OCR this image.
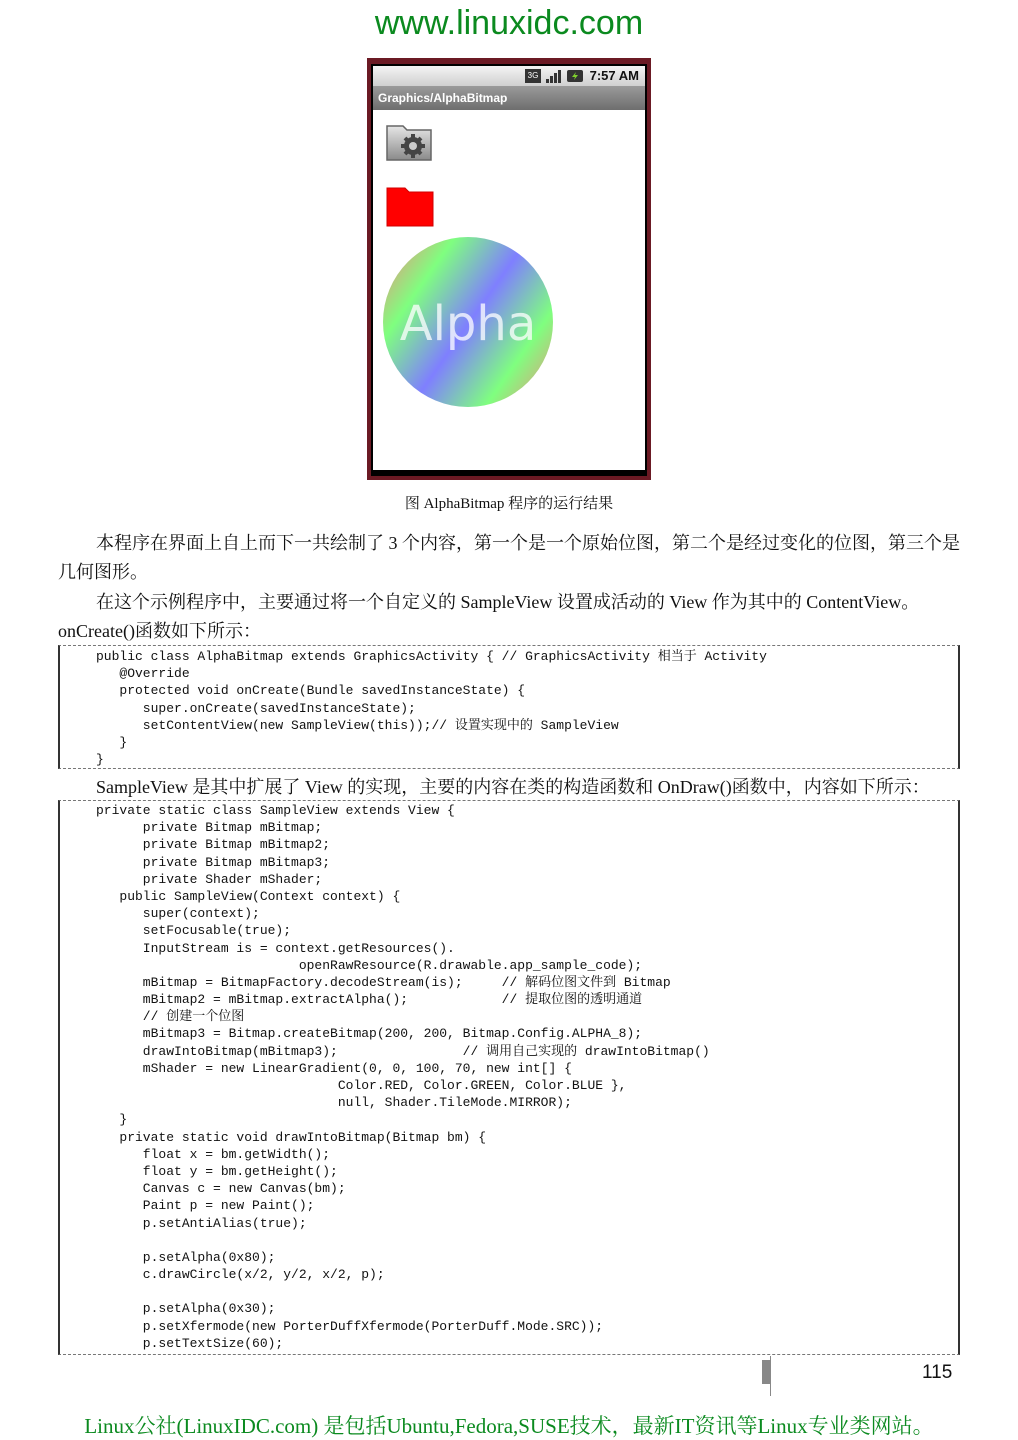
www.linuxidc.com
3G	7:57 AM
Graphics/AlphaBitmap
Alpha
图 AlphaBitmap 程序的运行结果
本程序在界面上自上而下一共绘制了 3 个内容，第一个是一个原始位图，第二个是经过变化的位图，第三个是几何图形。
在这个示例程序中，主要通过将一个自定义的 SampleView 设置成活动的 View 作为其中的 ContentView。onCreate()函数如下所示：
public class AlphaBitmap extends GraphicsActivity { // GraphicsActivity 相当于 Activity
@Override
protected void onCreate(Bundle savedInstanceState) {
super.onCreate(savedInstanceState);
setContentView(new SampleView(this));// 设置实现中的 SampleView
}
}
SampleView 是其中扩展了 View 的实现，主要的内容在类的构造函数和 OnDraw()函数中，内容如下所示：
private static class SampleView extends View {
private Bitmap mBitmap;
private Bitmap mBitmap2;
private Bitmap mBitmap3;
private Shader mShader;
public SampleView(Context context) {
super(context);
setFocusable(true);
InputStream is = context.getResources().
openRawResource(R.drawable.app_sample_code);
mBitmap = BitmapFactory.decodeStream(is);     // 解码位图文件到 Bitmap
mBitmap2 = mBitmap.extractAlpha();            // 提取位图的透明通道
// 创建一个位图
mBitmap3 = Bitmap.createBitmap(200, 200, Bitmap.Config.ALPHA_8);
drawIntoBitmap(mBitmap3);                // 调用自己实现的 drawIntoBitmap()
mShader = new LinearGradient(0, 0, 100, 70, new int[] {
Color.RED, Color.GREEN, Color.BLUE },
null, Shader.TileMode.MIRROR);
}
private static void drawIntoBitmap(Bitmap bm) {
float x = bm.getWidth();
float y = bm.getHeight();
Canvas c = new Canvas(bm);
Paint p = new Paint();
p.setAntiAlias(true);
p.setAlpha(0x80);
c.drawCircle(x/2, y/2, x/2, p);
p.setAlpha(0x30);
p.setXfermode(new PorterDuffXfermode(PorterDuff.Mode.SRC));
p.setTextSize(60);
115
Linux公社(LinuxIDC.com) 是包括Ubuntu,Fedora,SUSE技术，最新IT资讯等Linux专业类网站。
